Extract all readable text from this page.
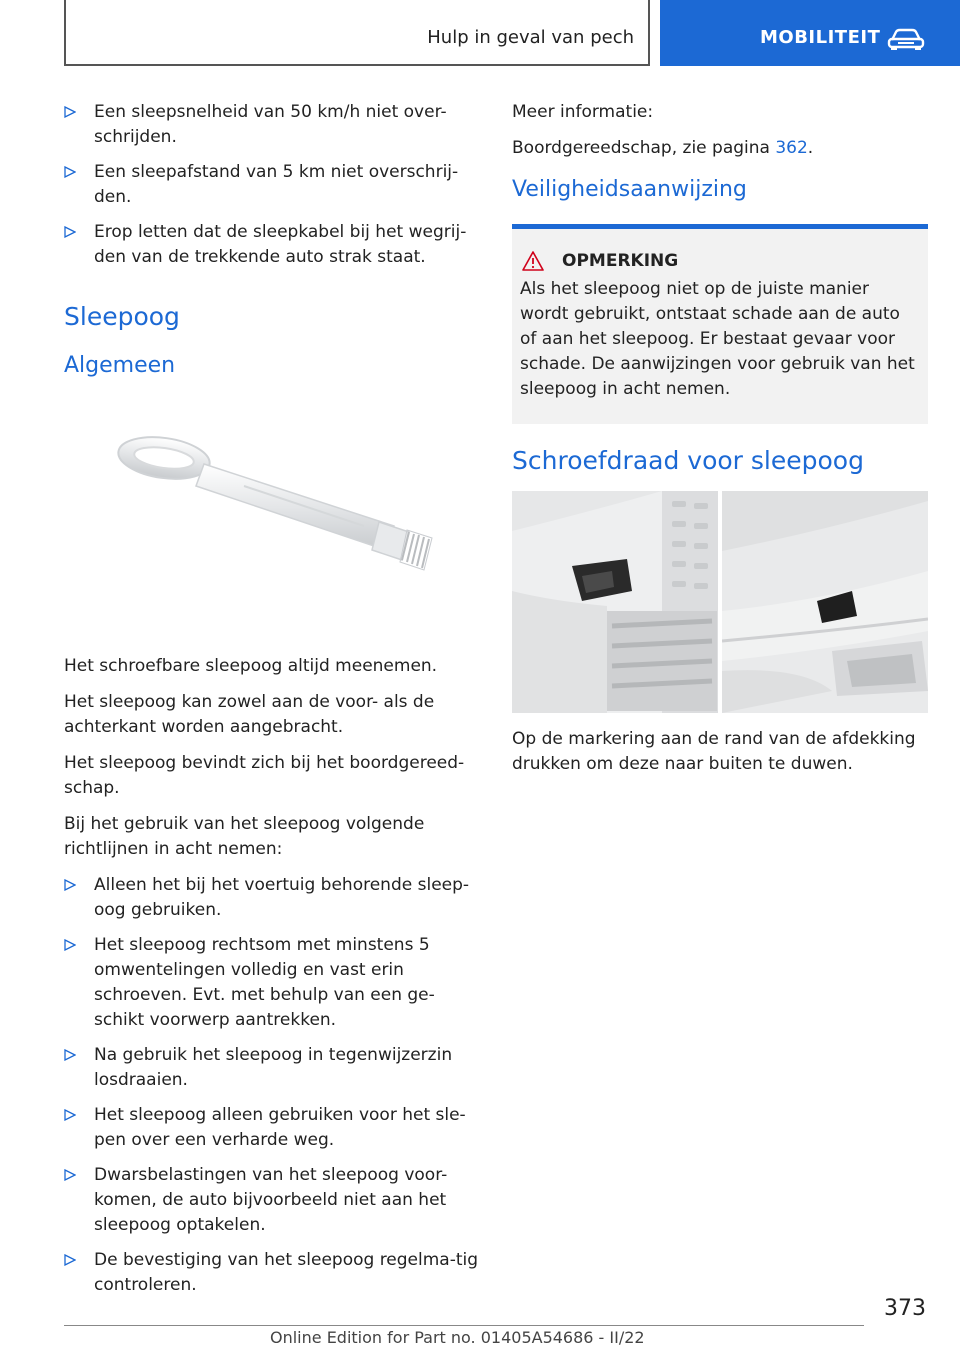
Hulp in geval van pech	MOBILITEIT
Een sleepsnelheid van 50 km/h niet over-schrijden.
Een sleepafstand van 5 km niet overschrij-den.
Erop letten dat de sleepkabel bij het wegrij-den van de trekkende auto strak staat.
Sleepoog
Algemeen

Het schroefbare sleepoog altijd meenemen.

Het sleepoog kan zowel aan de voor- als de achterkant worden aangebracht.

Het sleepoog bevindt zich bij het boordgereed-schap.

Bij het gebruik van het sleepoog volgende richtlijnen in acht nemen:

Alleen het bij het voertuig behorende sleep-oog gebruiken.
Het sleepoog rechtsom met minstens 5 omwentelingen volledig en vast erin schroeven. Evt. met behulp van een ge-schikt voorwerp aantrekken.
Na gebruik het sleepoog in tegenwijzerzin losdraaien.
Het sleepoog alleen gebruiken voor het sle-pen over een verharde weg.
Dwarsbelastingen van het sleepoog voor-komen, de auto bijvoorbeeld niet aan het sleepoog optakelen.
De bevestiging van het sleepoog regelma-tig controleren.

Meer informatie:

Boordgereedschap, zie pagina 362.

Veiligheidsaanwijzing
OPMERKING
Als het sleepoog niet op de juiste manier wordt gebruikt, ontstaat schade aan de auto of aan het sleepoog. Er bestaat gevaar voor schade. De aanwijzingen voor gebruik van het sleepoog in acht nemen.
Schroefdraad voor sleepoog

Op de markering aan de rand van de afdekking drukken om deze naar buiten te duwen.

373
Online Edition for Part no. 01405A54686 - II/22
